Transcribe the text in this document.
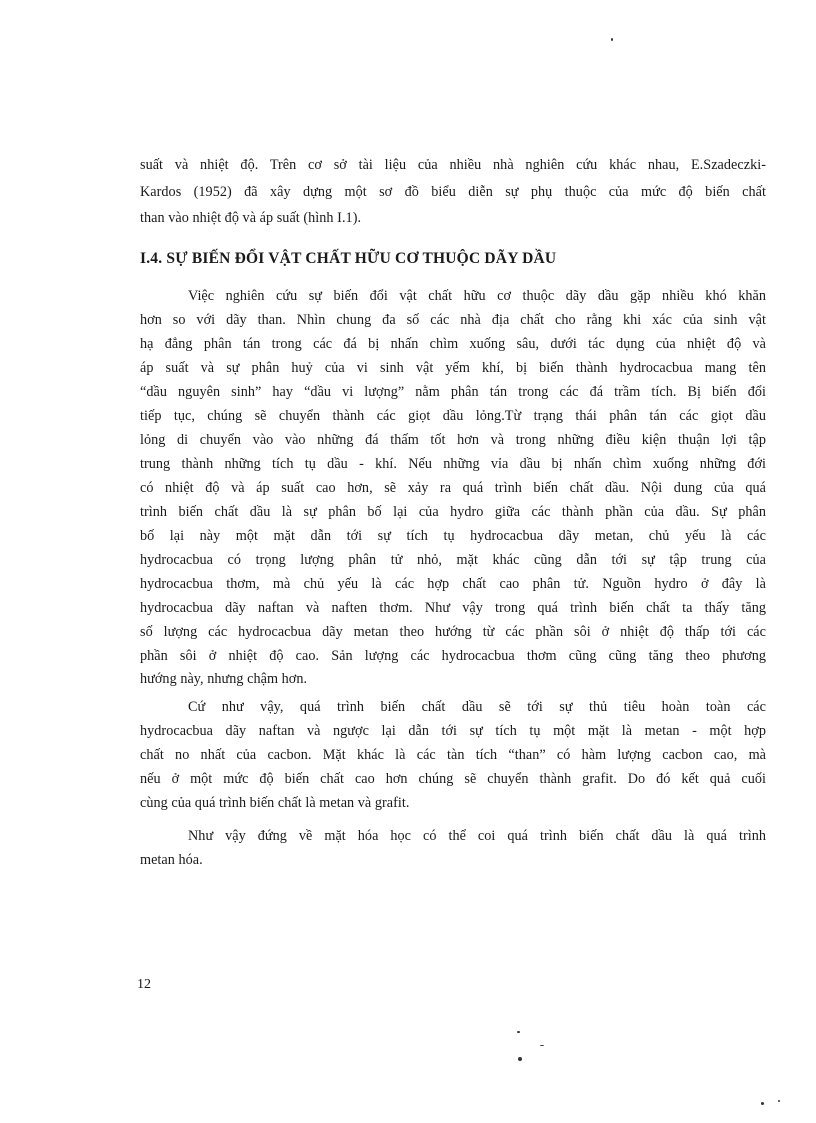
suất và nhiệt độ. Trên cơ sở tài liệu của nhiều nhà nghiên cứu khác nhau, E.Szadeczki-
Kardos (1952) đã xây dựng một sơ đồ biểu diễn sự phụ thuộc của mức độ biến chất
than vào nhiệt độ và áp suất (hình I.1).
I.4. SỰ BIẾN ĐỔI VẬT CHẤT HỮU CƠ THUỘC DÃY DẦU
Việc nghiên cứu sự biến đổi vật chất hữu cơ thuộc dãy dầu gặp nhiều khó khăn
hơn so với dãy than. Nhìn chung đa số các nhà địa chất cho rằng khi xác của sinh vật
hạ đẳng phân tán trong các đá bị nhấn chìm xuống sâu, dưới tác dụng của nhiệt độ và
áp suất và sự phân huỷ của vi sinh vật yếm khí, bị biến thành hydrocacbua mang tên
“dầu nguyên sinh” hay “dầu vi lượng” nằm phân tán trong các đá trầm tích. Bị biến đổi
tiếp tục, chúng sẽ chuyển thành các giọt dầu lỏng.Từ trạng thái phân tán các giọt dầu
lỏng di chuyển vào vào những đá thấm tốt hơn và trong những điều kiện thuận lợi tập
trung thành những tích tụ dầu - khí. Nếu những vỉa dầu bị nhấn chìm xuống những đới
có nhiệt độ và áp suất cao hơn, sẽ xảy ra quá trình biến chất dầu. Nội dung của quá
trình biến chất dầu là sự phân bố lại của hydro giữa các thành phần của dầu. Sự phân
bố lại này một mặt dẫn tới sự tích tụ hydrocacbua dãy metan, chủ yếu là các
hydrocacbua có trọng lượng phân tử nhỏ, mặt khác cũng dẫn tới sự tập trung của
hydrocacbua thơm, mà chủ yếu là các hợp chất cao phân tử. Nguồn hydro ở đây là
hydrocacbua dãy naftan và naften thơm. Như vậy trong quá trình biến chất ta thấy tăng
số lượng các hydrocacbua dãy metan theo hướng từ các phần sôi ở nhiệt độ thấp tới các
phần sôi ở nhiệt độ cao. Sản lượng các hydrocacbua thơm cũng cũng tăng theo phương
hướng này, nhưng chậm hơn.
Cứ như vậy, quá trình biến chất dầu sẽ tới sự thủ tiêu hoàn toàn các
hydrocacbua dãy naftan và ngược lại dẫn tới sự tích tụ một mặt là metan - một hợp
chất no nhất của cacbon. Mặt khác là các tàn tích “than” có hàm lượng cacbon cao, mà
nếu ở một mức độ biến chất cao hơn chúng sẽ chuyển thành grafit. Do đó kết quả cuối
cùng của quá trình biến chất là metan và grafit.
Như vậy đứng về mặt hóa học có thể coi quá trình biến chất dầu là quá trình
metan hóa.
12
